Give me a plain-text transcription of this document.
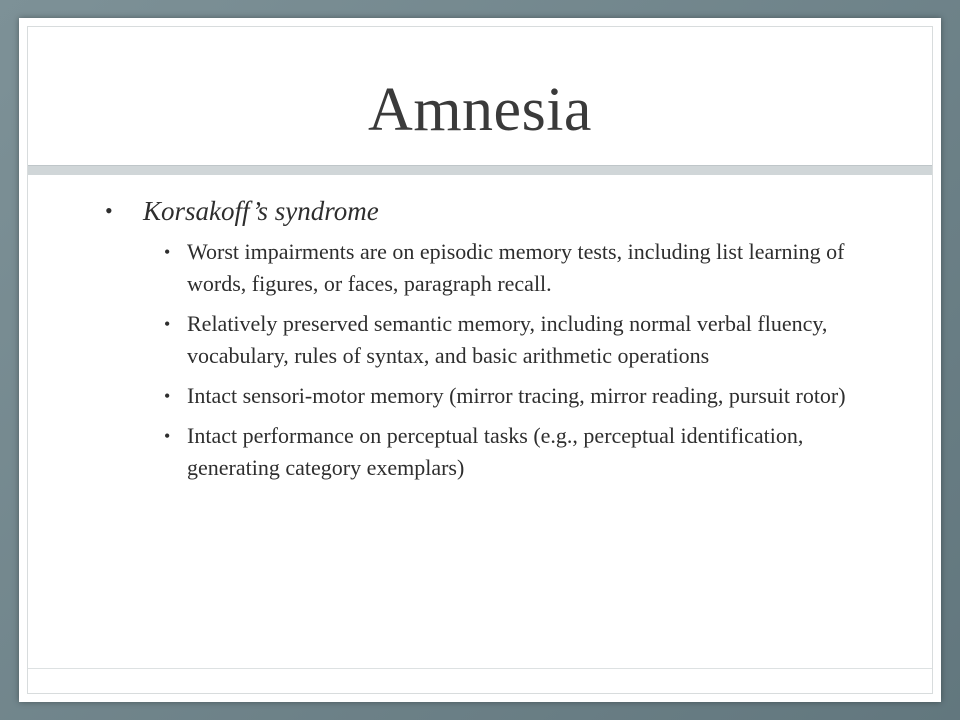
Amnesia
• Korsakoff’s syndrome
• Worst impairments are on episodic memory tests, including list learning of words, figures, or faces, paragraph recall.
• Relatively preserved semantic memory, including normal verbal fluency, vocabulary, rules of syntax, and basic arithmetic operations
• Intact sensori-motor memory (mirror tracing, mirror reading, pursuit rotor)
• Intact performance on perceptual tasks (e.g., perceptual identification, generating category exemplars)
